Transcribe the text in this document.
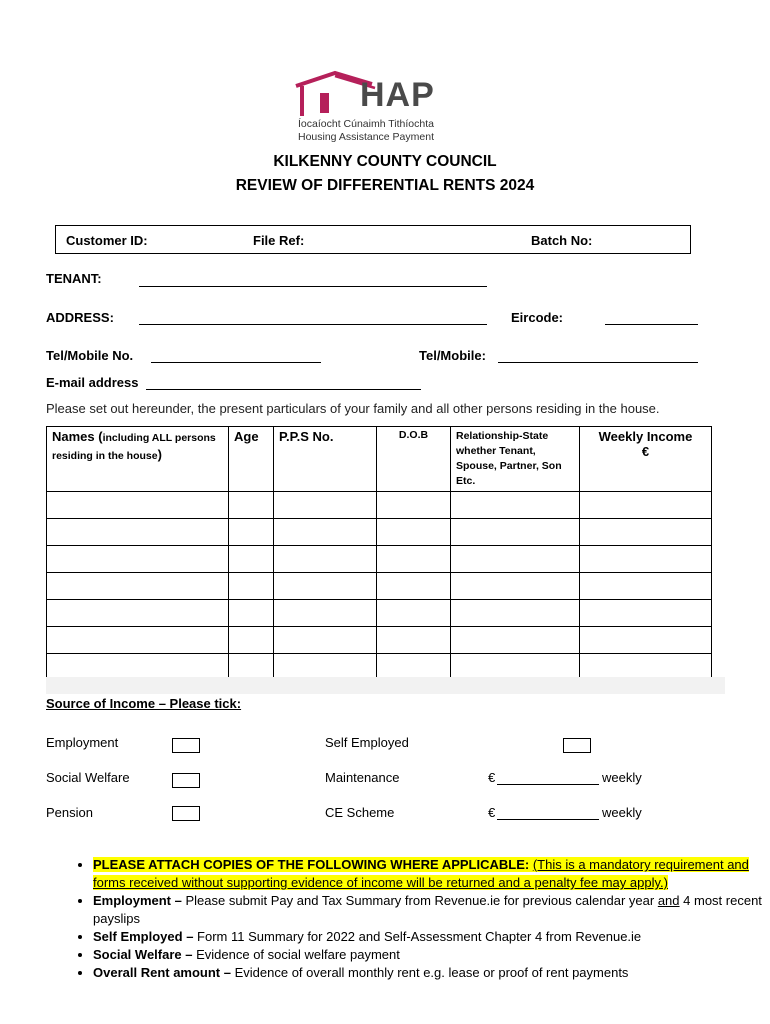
HAP
Íocaíocht Cúnaimh Tithíochta
Housing Assistance Payment
KILKENNY COUNTY COUNCIL
REVIEW OF DIFFERENTIAL RENTS 2024
Customer ID:	File Ref:	Batch No:
TENANT:
ADDRESS:	Eircode:
Tel/Mobile No.	Tel/Mobile:
E-mail address
Please set out hereunder, the present particulars of your family and all other persons residing in the house.
Names (including ALL persons residing in the house)	Age	P.P.S No.	D.O.B	Relationship-State whether Tenant, Spouse, Partner, Son Etc.	Weekly Income
€

Source of Income – Please tick:
Employment	Self Employed
Social Welfare	Maintenance	€	weekly
Pension	CE Scheme	€	weekly
• PLEASE ATTACH COPIES OF THE FOLLOWING WHERE APPLICABLE: (This is a mandatory requirement and forms received without supporting evidence of income will be returned and a penalty fee may apply.)
• Employment – Please submit Pay and Tax Summary from Revenue.ie for previous calendar year and 4 most recent payslips
• Self Employed – Form 11 Summary for 2022 and Self-Assessment Chapter 4 from Revenue.ie
• Social Welfare – Evidence of social welfare payment
• Overall Rent amount – Evidence of overall monthly rent e.g. lease or proof of rent payments
